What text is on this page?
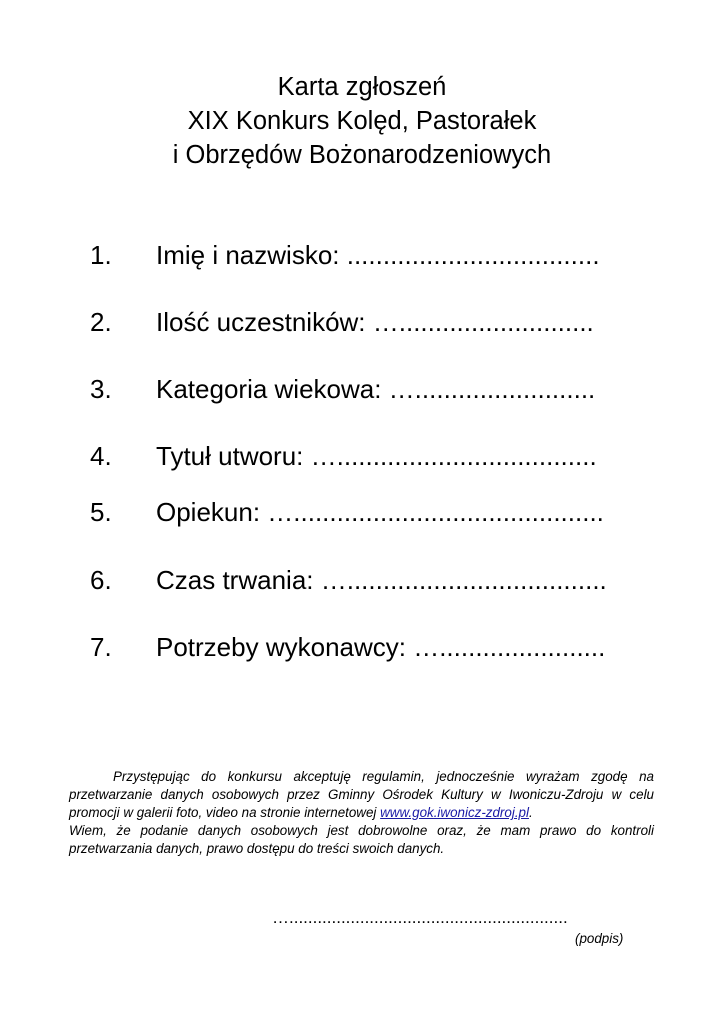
Karta zgłoszeń
XIX Konkurs Kolęd, Pastorałek
i Obrzędów Bożonarodzeniowych
1. Imię i nazwisko: ...................................
2. Ilość uczestników: …...........................
3. Kategoria wiekowa: ….........................
4. Tytuł utworu: …....................................
5. Opiekun: …...........................................
6. Czas trwania: …....................................
7. Potrzeby wykonawcy: ….......................

Przystępując do konkursu akceptuję regulamin, jednocześnie wyrażam zgodę na przetwarzanie danych osobowych przez Gminny Ośrodek Kultury w Iwoniczu-Zdroju w celu promocji w galerii foto, video na stronie internetowej www.gok.iwonicz-zdroj.pl.

Wiem, że podanie danych osobowych jest dobrowolne oraz, że mam prawo do kontroli przetwarzania danych, prawo dostępu do treści swoich danych.

…...........................................................
(podpis)
